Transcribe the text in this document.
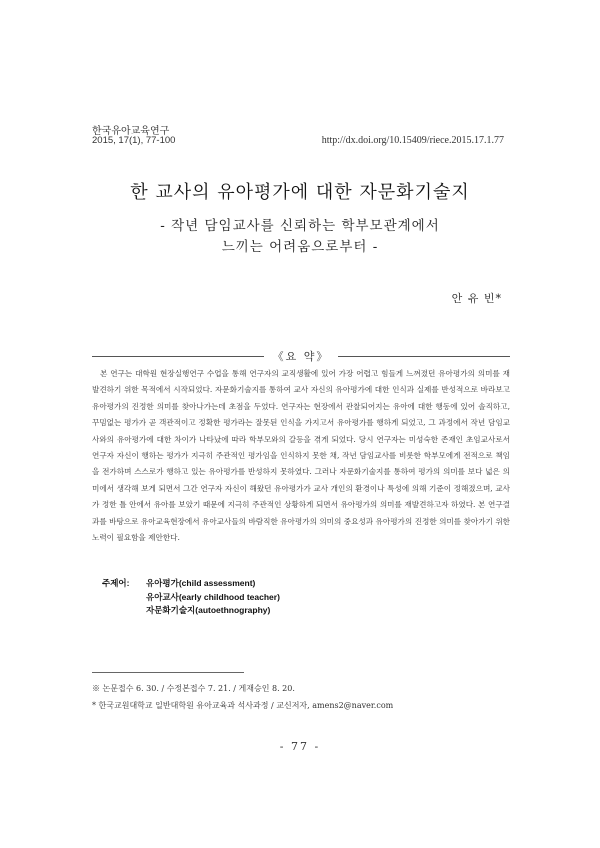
한국유아교육연구
2015, 17(1), 77-100	http://dx.doi.org/10.15409/riece.2015.17.1.77
한 교사의 유아평가에 대한 자문화기술지
- 작년 담임교사를 신뢰하는 학부모관계에서
느끼는 어려움으로부터 -
안 유 빈*
《요 약》

본 연구는 대학원 현장실행연구 수업을 통해 연구자의 교직생활에 있어 가장 어렵고 힘들게 느껴졌던 유아평가의 의미를 재발견하기 위한 목적에서 시작되었다. 자문화기술지를 통하여 교사 자신의 유아평가에 대한 인식과 실제를 반성적으로 바라보고 유아평가의 진정한 의미를 찾아나가는데 초점을 두었다. 연구자는 현장에서 관찰되어지는 유아에 대한 행동에 있어 솔직하고, 꾸밈없는 평가가 곧 객관적이고 정확한 평가라는 잘못된 인식을 가지고서 유아평가를 행하게 되었고, 그 과정에서 작년 담임교사와의 유아평가에 대한 차이가 나타났에 따라 학부모와의 갈등을 겪게 되었다. 당시 연구자는 미성숙한 존재인 초임교사로서 연구자 자신이 행하는 평가가 지극히 주관적인 평가임을 인식하지 못한 채, 작년 담임교사를 비롯한 학부모에게 전적으로 책임을 전가하며 스스로가 행하고 있는 유아평가를 반성하지 못하였다. 그러나 자문화기술지를 통하여 평가의 의미를 보다 넓은 의미에서 생각해 보게 되면서 그간 연구자 자신이 해왔던 유아평가가 교사 개인의 환경이나 특성에 의해 기준이 정해졌으며, 교사가 정한 틀 안에서 유아를 보았기 때문에 지극히 주관적인 상황하게 되면서 유아평가의 의미를 재발견하고자 하였다. 본 연구결과를 바탕으로 유아교육현장에서 유아교사들의 바람직한 유아평가의 의미의 중요성과 유아평가의 진정한 의미를 찾아가기 위한 노력이 필요함을 제안한다.

주제어: 유아평가(child assessment)
유아교사(early childhood teacher)
자문화기술지(autoethnography)
※ 논문접수 6. 30. / 수정본접수 7. 21. / 게재승인 8. 20.
* 한국교원대학교 일반대학원 유아교육과 석사과정 / 교신저자, amens2@naver.com
- 77 -
